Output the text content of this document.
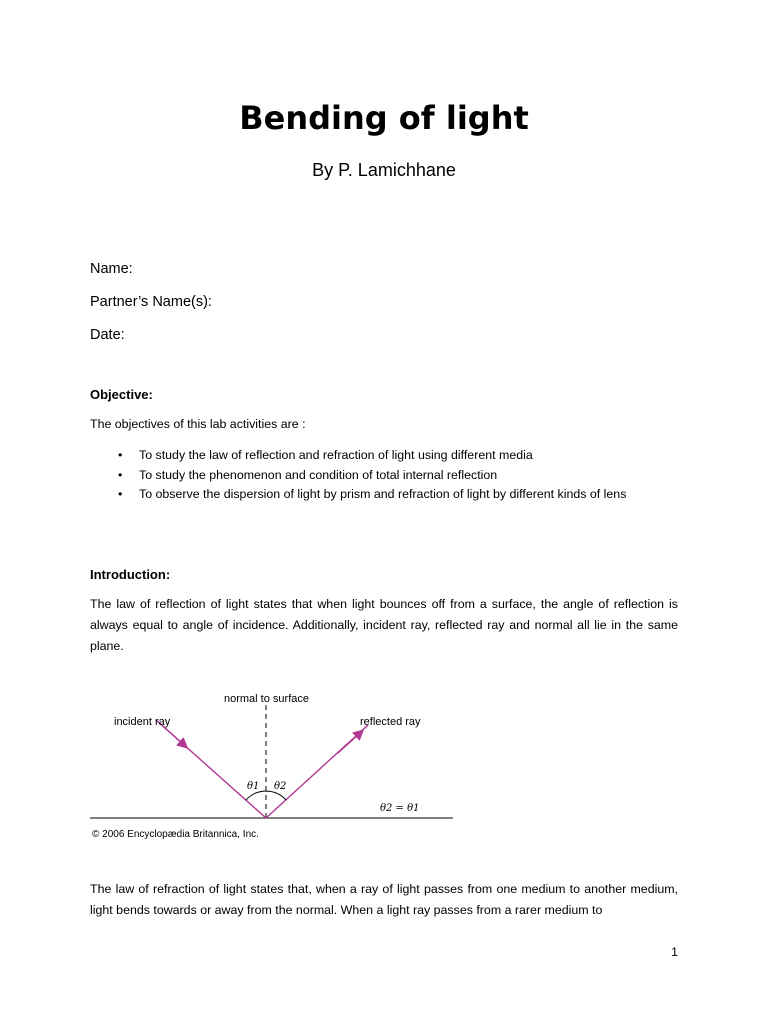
Bending of light
By P. Lamichhane
Name:
Partner’s Name(s):
Date:
Objective:
The objectives of this lab activities are :
• To study the law of reflection and refraction of light using different media
• To study the phenomenon and condition of total internal reflection
• To observe the dispersion of light by prism and refraction of light by different kinds of lens
Introduction:
The law of reflection of light states that when light bounces off from a surface, the angle of reflection is always equal to angle of incidence. Additionally, incident ray, reflected ray and normal all lie in the same plane.
normal to surface
incident ray	reflected ray
θ1 θ2
θ2 = θ1
© 2006 Encyclopædia Britannica, Inc.
The law of refraction of light states that, when a ray of light passes from one medium to another medium, light bends towards or away from the normal. When a light ray passes from a rarer medium to
1
